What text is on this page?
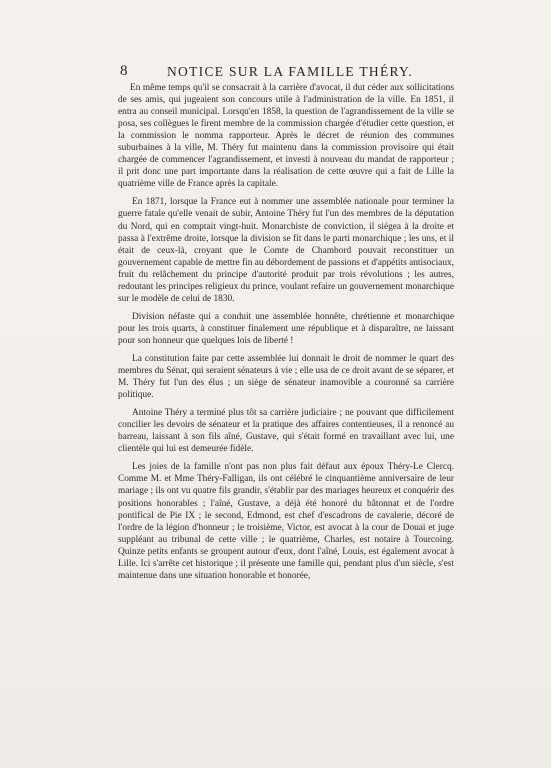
8	NOTICE SUR LA FAMILLE THÉRY.

En même temps qu'il se consacrait à la carrière d'avocat, il dut céder aux sollicitations de ses amis, qui jugeaient son concours utile à l'administration de la ville. En 1851, il entra au conseil municipal. Lorsqu'en 1858, la question de l'agrandissement de la ville se posa, ses collègues le firent membre de la commission chargée d'étudier cette question, et la commission le nomma rapporteur. Après le décret de réunion des communes suburbaines à la ville, M. Théry fut maintenu dans la commission provisoire qui était chargée de commencer l'agrandissement, et investi à nouveau du mandat de rapporteur ; il prit donc une part importante dans la réalisation de cette œuvre qui a fait de Lille la quatrième ville de France après la capitale.

En 1871, lorsque la France eut à nommer une assemblée nationale pour terminer la guerre fatale qu'elle venait de subir, Antoine Théry fut l'un des membres de la députation du Nord, qui en comptait vingt-huit. Monarchiste de conviction, il siégea à la droite et passa à l'extrême droite, lorsque la division se fit dans le parti monarchique ; les uns, et il était de ceux-là, croyant que le Comte de Chambord pouvait reconstituer un gouvernement capable de mettre fin au débordement de passions et d'appétits antisociaux, fruit du relâchement du principe d'autorité produit par trois révolutions ; les autres, redoutant les principes religieux du prince, voulant refaire un gouvernement monarchique sur le modèle de celui de 1830.

Division néfaste qui a conduit une assemblée honnête, chrétienne et monarchique pour les trois quarts, à constituer finalement une république et à disparaître, ne laissant pour son honneur que quelques lois de liberté !

La constitution faite par cette assemblée lui donnait le droit de nommer le quart des membres du Sénat, qui seraient sénateurs à vie ; elle usa de ce droit avant de se séparer, et M. Théry fut l'un des élus ; un siège de sénateur inamovible a couronné sa carrière politique.

Antoine Théry a terminé plus tôt sa carrière judiciaire ; ne pouvant que difficilement concilier les devoirs de sénateur et la pratique des affaires contentieuses, il a renoncé au barreau, laissant à son fils aîné, Gustave, qui s'était formé en travaillant avec lui, une clientèle qui lui est demeurée fidèle.

Les joies de la famille n'ont pas non plus fait défaut aux époux Théry-Le Clercq. Comme M. et Mme Théry-Falligan, ils ont célébré le cinquantième anniversaire de leur mariage ; ils ont vu quatre fils grandir, s'établir par des mariages heureux et conquérir des positions honorables ; l'aîné, Gustave, a déjà été honoré du bâtonnat et de l'ordre pontifical de Pie IX ; le second, Edmond, est chef d'escadrons de cavalerie, décoré de l'ordre de la légion d'honneur ; le troisième, Victor, est avocat à la cour de Douai et juge suppléant au tribunal de cette ville ; le quatrième, Charles, est notaire à Tourcoing. Quinze petits enfants se groupent autour d'eux, dont l'aîné, Louis, est également avocat à Lille. Ici s'arrête cet historique ; il présente une famille qui, pendant plus d'un siècle, s'est maintenue dans une situation honorable et honorée,
